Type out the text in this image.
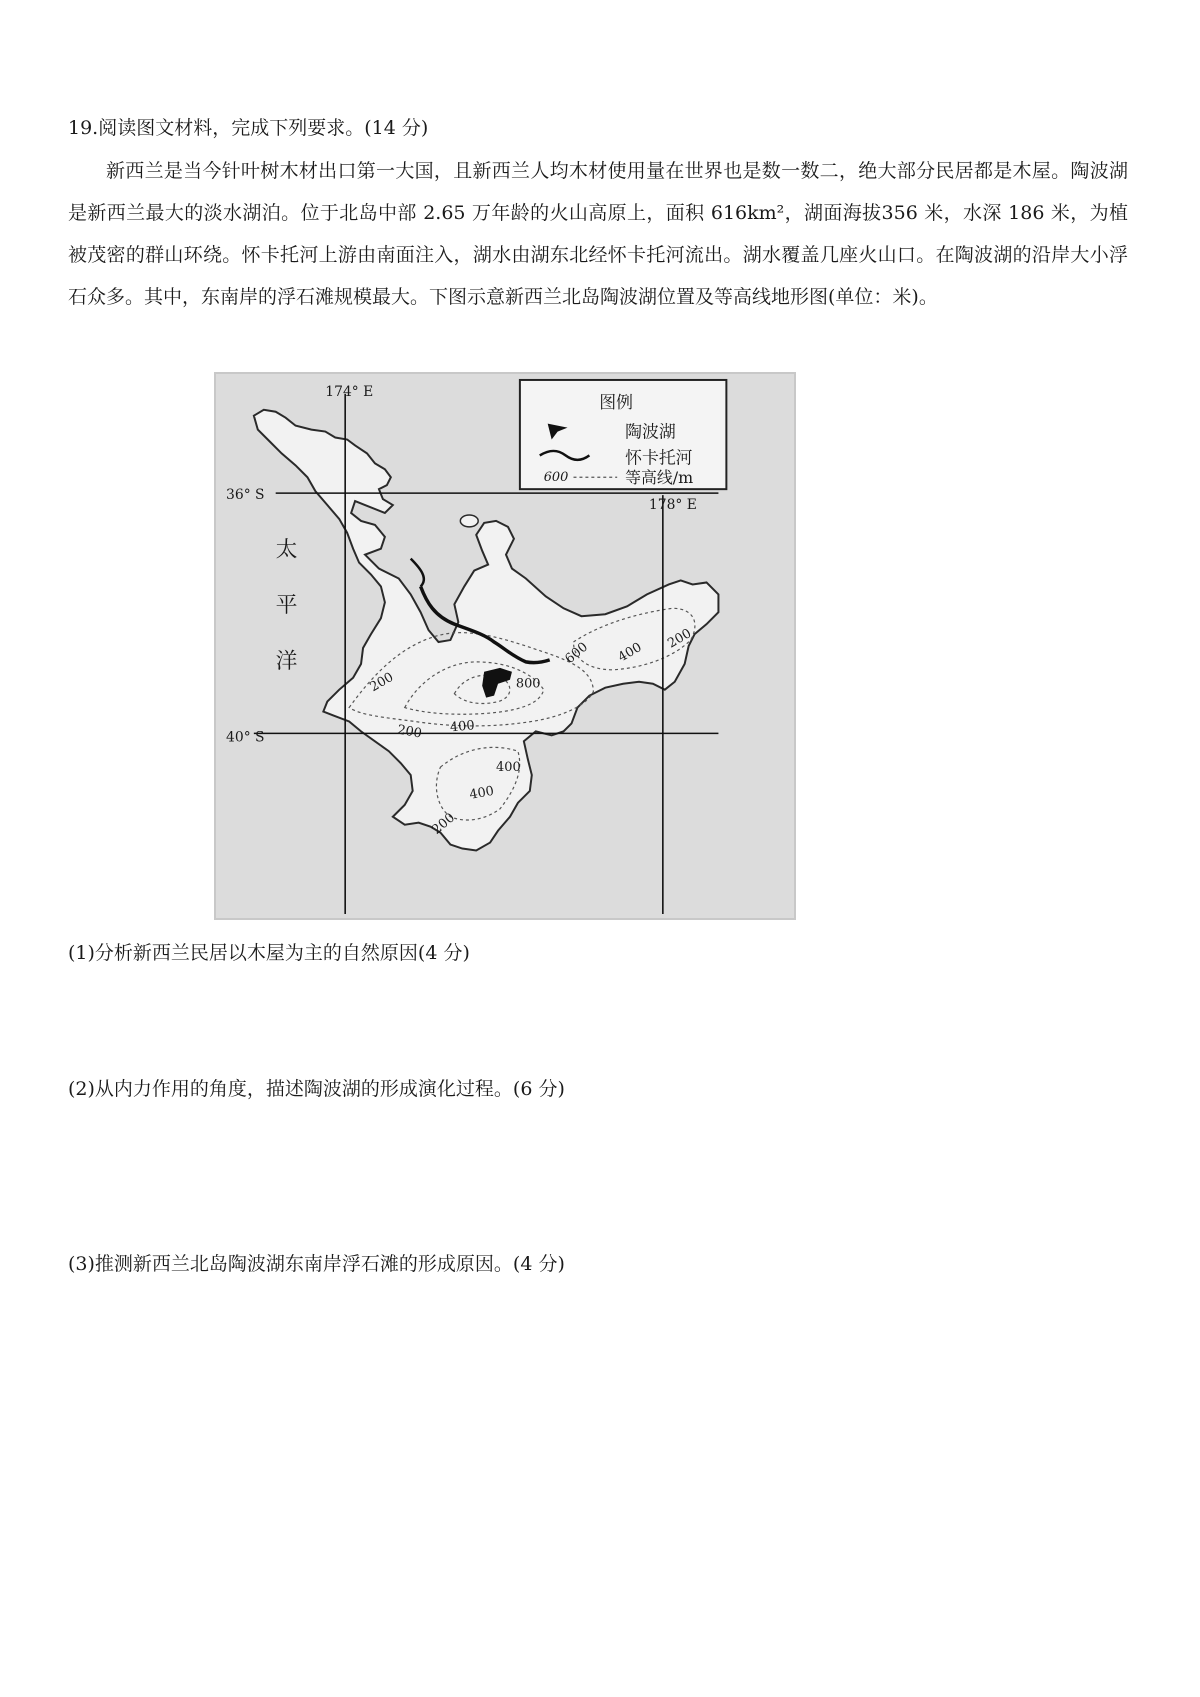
19.阅读图文材料，完成下列要求。(14 分)

新西兰是当今针叶树木材出口第一大国，且新西兰人均木材使用量在世界也是数一数二，绝大部分民居都是木屋。陶波湖是新西兰最大的淡水湖泊。位于北岛中部 2.65 万年龄的火山高原上，面积 616km²，湖面海拔356 米，水深 186 米，为植被茂密的群山环绕。怀卡托河上游由南面注入，湖水由湖东北经怀卡托河流出。湖水覆盖几座火山口。在陶波湖的沿岸大小浮石众多。其中，东南岸的浮石滩规模最大。下图示意新西兰北岛陶波湖位置及等高线地形图(单位：米)。

图例
陶波湖
怀卡托河
600	等高线/m
174° E
178° E
36° S
40° S
太
平
洋
200
200 400
800
600 400
200
400
400
200
(1)分析新西兰民居以木屋为主的自然原因(4 分)
(2)从内力作用的角度，描述陶波湖的形成演化过程。(6 分)
(3)推测新西兰北岛陶波湖东南岸浮石滩的形成原因。(4 分)
